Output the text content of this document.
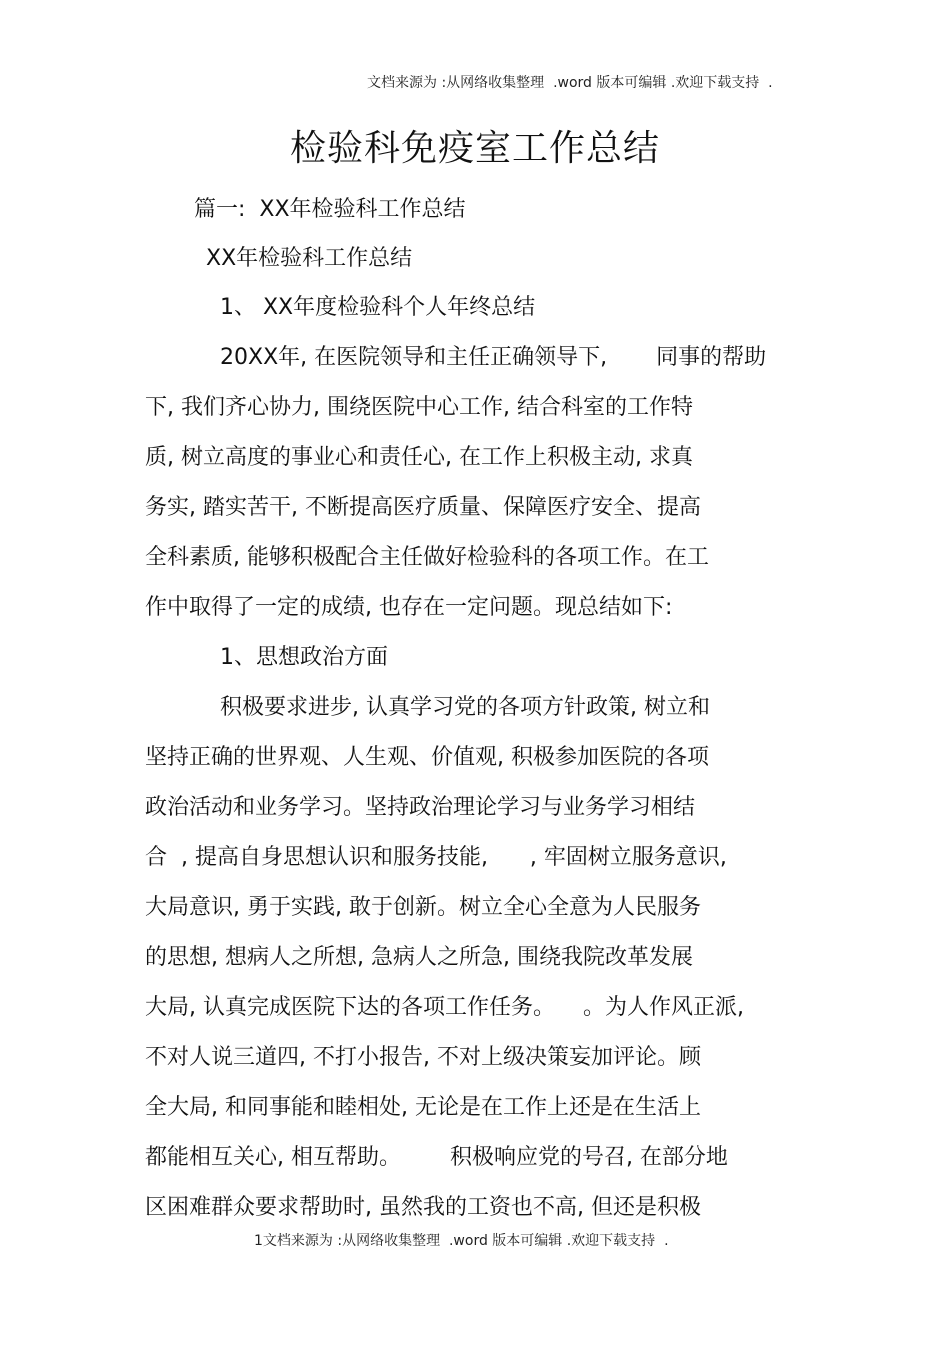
文档来源为 :从网络收集整理  .word 版本可编辑 .欢迎下载支持  .
检验科免疫室工作总结
篇一:  XX年检验科工作总结
XX年检验科工作总结
1、 XX年度检验科个人年终总结
20XX年, 在医院领导和主任正确领导下,       同事的帮助
下, 我们齐心协力, 围绕医院中心工作, 结合科室的工作特
质, 树立高度的事业心和责任心, 在工作上积极主动, 求真
务实, 踏实苦干, 不断提高医疗质量、保障医疗安全、提高
全科素质, 能够积极配合主任做好检验科的各项工作。在工
作中取得了一定的成绩, 也存在一定问题。现总结如下:
1、思想政治方面
积极要求进步, 认真学习党的各项方针政策, 树立和
坚持正确的世界观、人生观、价值观, 积极参加医院的各项
政治活动和业务学习。坚持政治理论学习与业务学习相结
合  , 提高自身思想认识和服务技能,      , 牢固树立服务意识,
大局意识, 勇于实践, 敢于创新。树立全心全意为人民服务
的思想, 想病人之所想, 急病人之所急, 围绕我院改革发展
大局, 认真完成医院下达的各项工作任务。    。为人作风正派,
不对人说三道四, 不打小报告, 不对上级决策妄加评论。顾
全大局, 和同事能和睦相处, 无论是在工作上还是在生活上
都能相互关心, 相互帮助。       积极响应党的号召, 在部分地
区困难群众要求帮助时, 虽然我的工资也不高, 但还是积极
1文档来源为 :从网络收集整理  .word 版本可编辑 .欢迎下载支持  .
